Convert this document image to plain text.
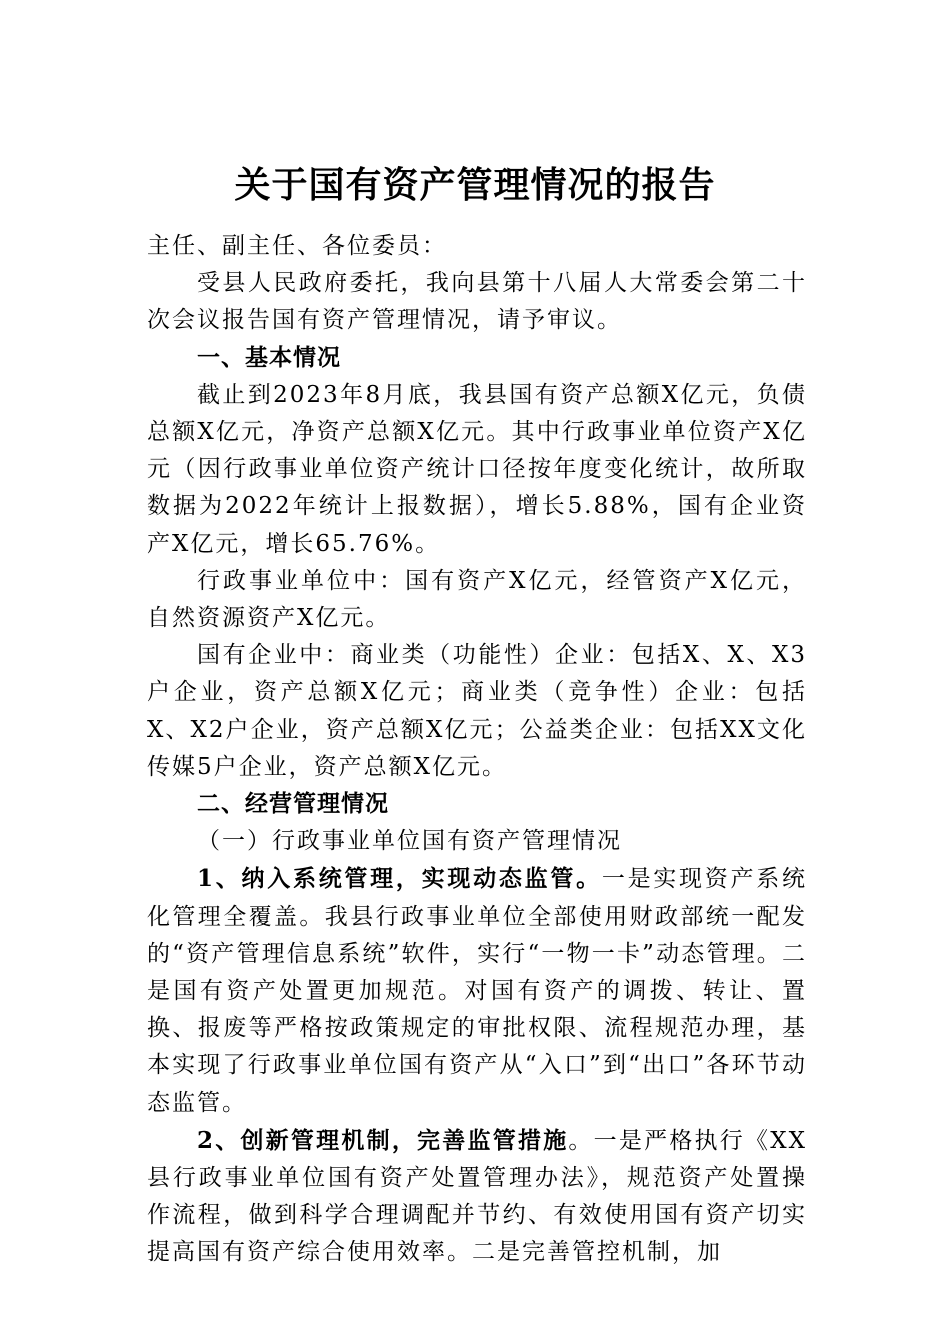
关于国有资产管理情况的报告

主任、副主任、各位委员：

受县人民政府委托，我向县第十八届人大常委会第二十次会议报告国有资产管理情况，请予审议。

一、基本情况

截止到2023年8月底，我县国有资产总额X亿元，负债总额X亿元，净资产总额X亿元。其中行政事业单位资产X亿元（因行政事业单位资产统计口径按年度变化统计，故所取数据为2022年统计上报数据），增长5.88%，国有企业资产X亿元，增长65.76%。

行政事业单位中：国有资产X亿元，经管资产X亿元，自然资源资产X亿元。

国有企业中：商业类（功能性）企业：包括X、X、X3户企业，资产总额X亿元；商业类（竞争性）企业：包括X、X2户企业，资产总额X亿元；公益类企业：包括XX文化传媒5户企业，资产总额X亿元。

二、经营管理情况

（一）行政事业单位国有资产管理情况

1、纳入系统管理，实现动态监管。一是实现资产系统化管理全覆盖。我县行政事业单位全部使用财政部统一配发的“资产管理信息系统”软件，实行“一物一卡”动态管理。二是国有资产处置更加规范。对国有资产的调拨、转让、置换、报废等严格按政策规定的审批权限、流程规范办理，基本实现了行政事业单位国有资产从“入口”到“出口”各环节动态监管。

2、创新管理机制，完善监管措施。一是严格执行《XX县行政事业单位国有资产处置管理办法》，规范资产处置操作流程，做到科学合理调配并节约、有效使用国有资产切实提高国有资产综合使用效率。二是完善管控机制，加
